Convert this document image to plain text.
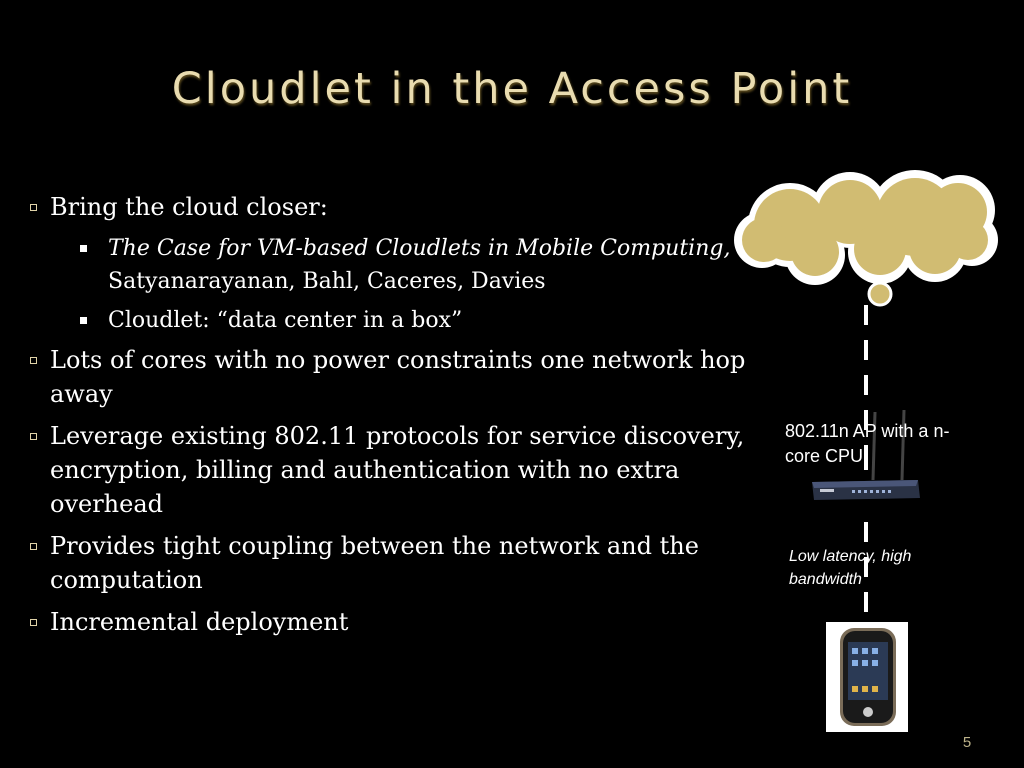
Cloudlet in the Access Point
Bring the cloud closer:
The Case for VM-based Cloudlets in Mobile Computing, Satyanarayanan, Bahl, Caceres, Davies
Cloudlet: “data center in a box”
Lots of cores with no power constraints one network hop away
Leverage existing 802.11 protocols for service discovery, encryption, billing and authentication with no extra overhead
Provides tight coupling between the network and the computation
Incremental deployment
802.11n AP with a n-core CPU
Low latency, high bandwidth
5
